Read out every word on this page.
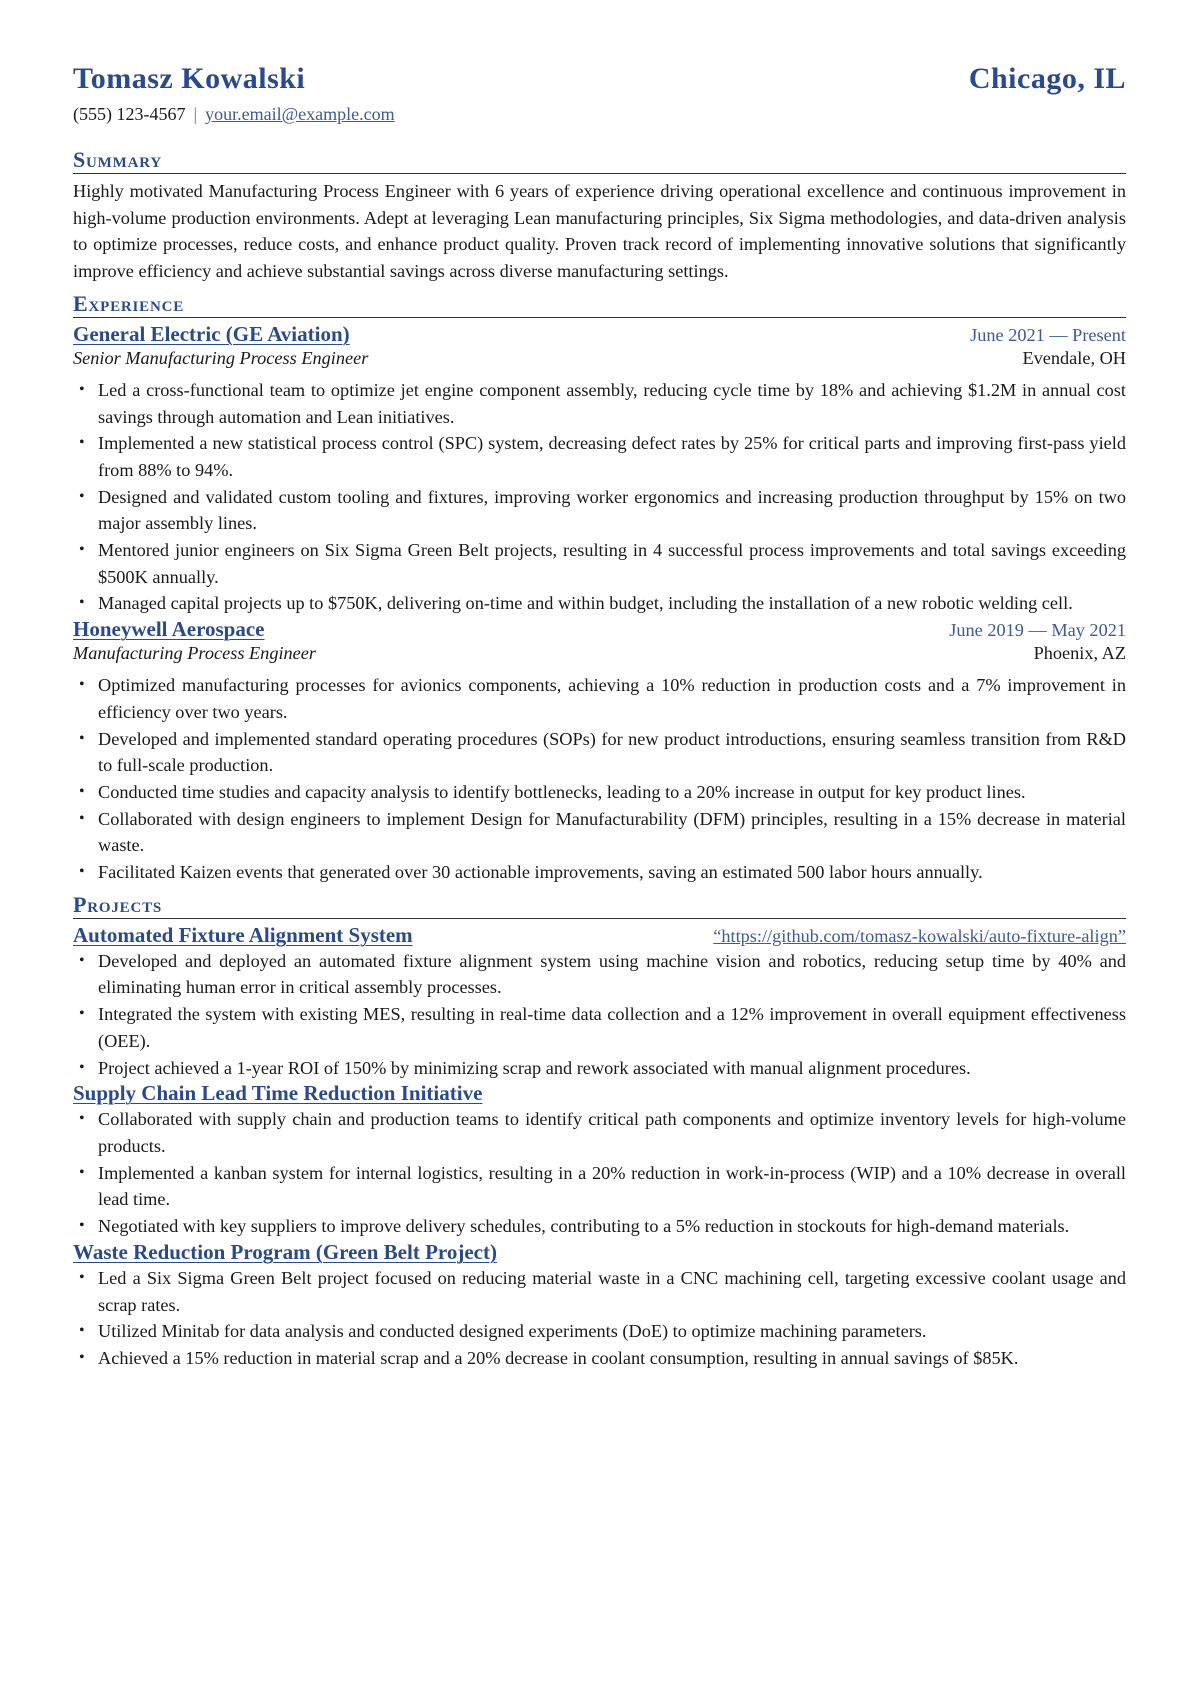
Tomasz Kowalski	Chicago, IL
(555) 123-4567 | your.email@example.com
Summary
Highly motivated Manufacturing Process Engineer with 6 years of experience driving operational excellence and continuous improvement in high-volume production environments. Adept at leveraging Lean manufacturing principles, Six Sigma methodologies, and data-driven analysis to optimize processes, reduce costs, and enhance product quality. Proven track record of implementing innovative solutions that significantly improve efficiency and achieve substantial savings across diverse manufacturing settings.
Experience
General Electric (GE Aviation)	June 2021 — Present
Senior Manufacturing Process Engineer	Evendale, OH
• Led a cross-functional team to optimize jet engine component assembly, reducing cycle time by 18% and achieving $1.2M in annual cost savings through automation and Lean initiatives.
• Implemented a new statistical process control (SPC) system, decreasing defect rates by 25% for critical parts and improving first-pass yield from 88% to 94%.
• Designed and validated custom tooling and fixtures, improving worker ergonomics and increasing production throughput by 15% on two major assembly lines.
• Mentored junior engineers on Six Sigma Green Belt projects, resulting in 4 successful process improvements and total savings exceeding $500K annually.
• Managed capital projects up to $750K, delivering on-time and within budget, including the installation of a new robotic welding cell.
Honeywell Aerospace	June 2019 — May 2021
Manufacturing Process Engineer	Phoenix, AZ
• Optimized manufacturing processes for avionics components, achieving a 10% reduction in production costs and a 7% improvement in efficiency over two years.
• Developed and implemented standard operating procedures (SOPs) for new product introductions, ensuring seamless transition from R&D to full-scale production.
• Conducted time studies and capacity analysis to identify bottlenecks, leading to a 20% increase in output for key product lines.
• Collaborated with design engineers to implement Design for Manufacturability (DFM) principles, resulting in a 15% decrease in material waste.
• Facilitated Kaizen events that generated over 30 actionable improvements, saving an estimated 500 labor hours annually.
Projects
Automated Fixture Alignment System	“https://github.com/tomasz-kowalski/auto-fixture-align”
• Developed and deployed an automated fixture alignment system using machine vision and robotics, reducing setup time by 40% and eliminating human error in critical assembly processes.
• Integrated the system with existing MES, resulting in real-time data collection and a 12% improvement in overall equipment effectiveness (OEE).
• Project achieved a 1-year ROI of 150% by minimizing scrap and rework associated with manual alignment procedures.
Supply Chain Lead Time Reduction Initiative
• Collaborated with supply chain and production teams to identify critical path components and optimize inventory levels for high-volume products.
• Implemented a kanban system for internal logistics, resulting in a 20% reduction in work-in-process (WIP) and a 10% decrease in overall lead time.
• Negotiated with key suppliers to improve delivery schedules, contributing to a 5% reduction in stockouts for high-demand materials.
Waste Reduction Program (Green Belt Project)
• Led a Six Sigma Green Belt project focused on reducing material waste in a CNC machining cell, targeting excessive coolant usage and scrap rates.
• Utilized Minitab for data analysis and conducted designed experiments (DoE) to optimize machining parameters.
• Achieved a 15% reduction in material scrap and a 20% decrease in coolant consumption, resulting in annual savings of $85K.
